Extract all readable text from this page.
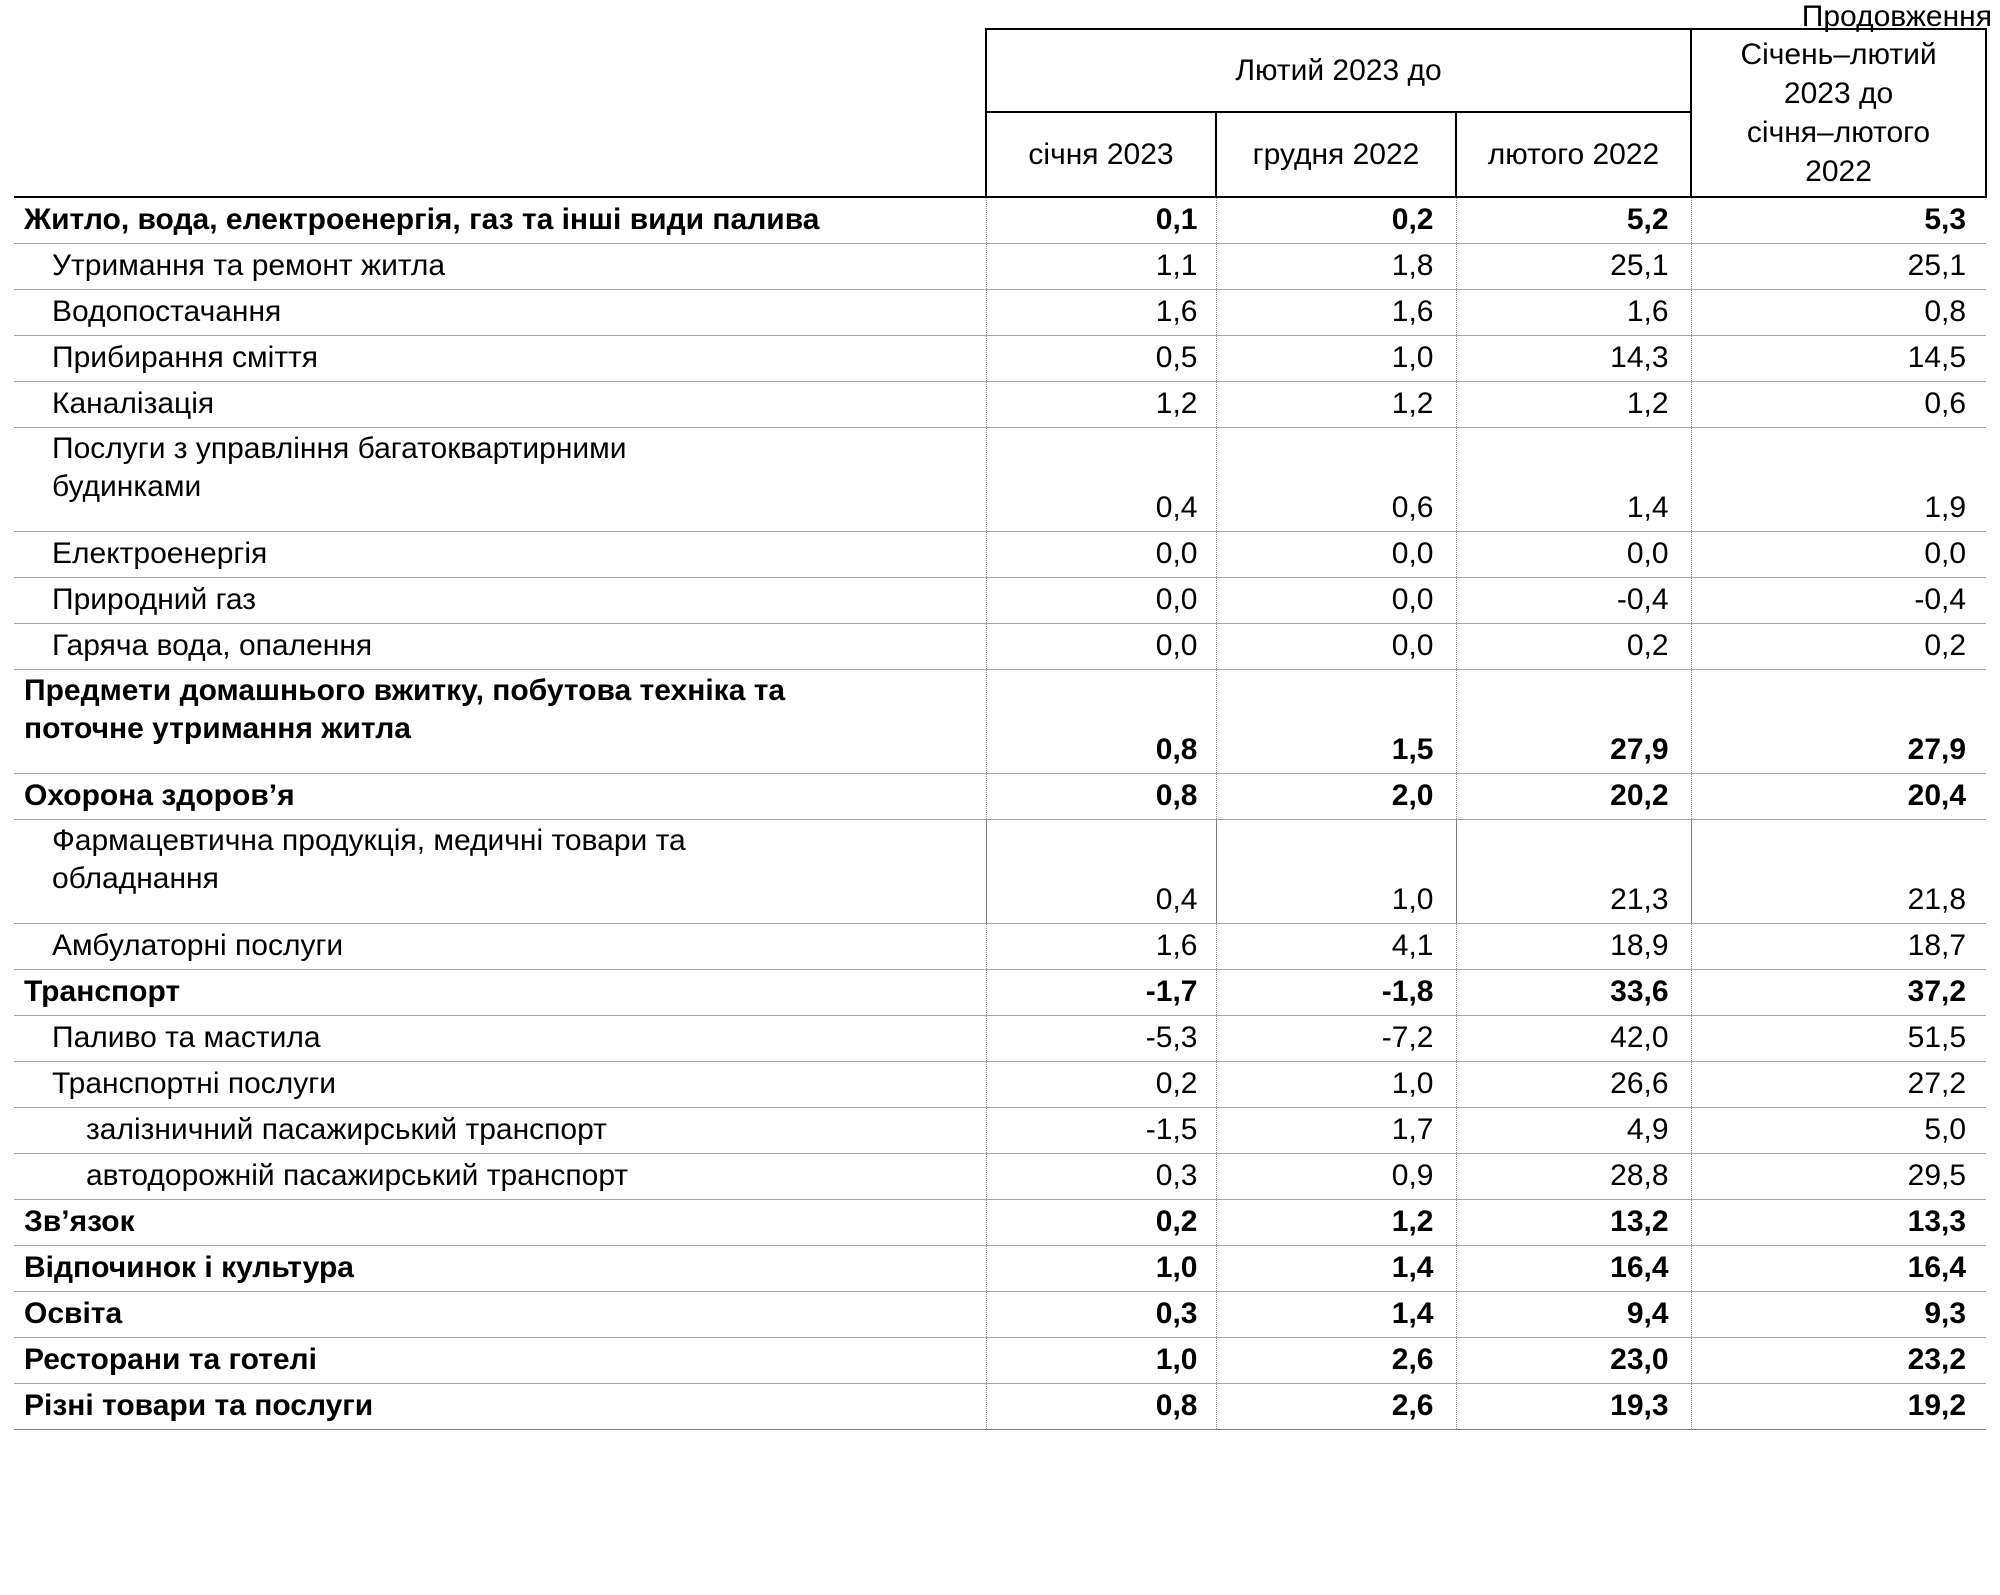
Продовження
	Лютий 2023 до			Січень–лютий
2023 до
січня–лютого
2022

	січня 2023	грудня 2022	лютого 2022	

Житло, вода, електроенергія, газ та інші види палива	0,1	0,2	5,2	5,3

Утримання та ремонт житла	1,1	1,8	25,1	25,1

Водопостачання	1,6	1,6	1,6	0,8

Прибирання смiття	0,5	1,0	14,3	14,5

Каналізація	1,2	1,2	1,2	0,6

Послуги з управління багатоквартирними
будинками	0,4	0,6	1,4	1,9

Електроенергія	0,0	0,0	0,0	0,0

Природний газ	0,0	0,0	-0,4	-0,4

Гаряча вода, опалення	0,0	0,0	0,2	0,2

Предмети домашнього вжитку, побутова техніка та
поточне утримання житла	0,8	1,5	27,9	27,9

Охорона здоров’я	0,8	2,0	20,2	20,4

Фармацевтична продукція, медичні товари та
обладнання	0,4	1,0	21,3	21,8

Амбулаторні послуги	1,6	4,1	18,9	18,7

Транспорт	-1,7	-1,8	33,6	37,2

Паливо та мастила	-5,3	-7,2	42,0	51,5

Транспортні послуги	0,2	1,0	26,6	27,2

залізничний пасажирський транспорт	-1,5	1,7	4,9	5,0

автодорожній пасажирський транспорт	0,3	0,9	28,8	29,5

Зв’язок	0,2	1,2	13,2	13,3

Відпочинок і культура	1,0	1,4	16,4	16,4

Освіта	0,3	1,4	9,4	9,3

Ресторани та готелі	1,0	2,6	23,0	23,2

Різні товари та послуги	0,8	2,6	19,3	19,2
